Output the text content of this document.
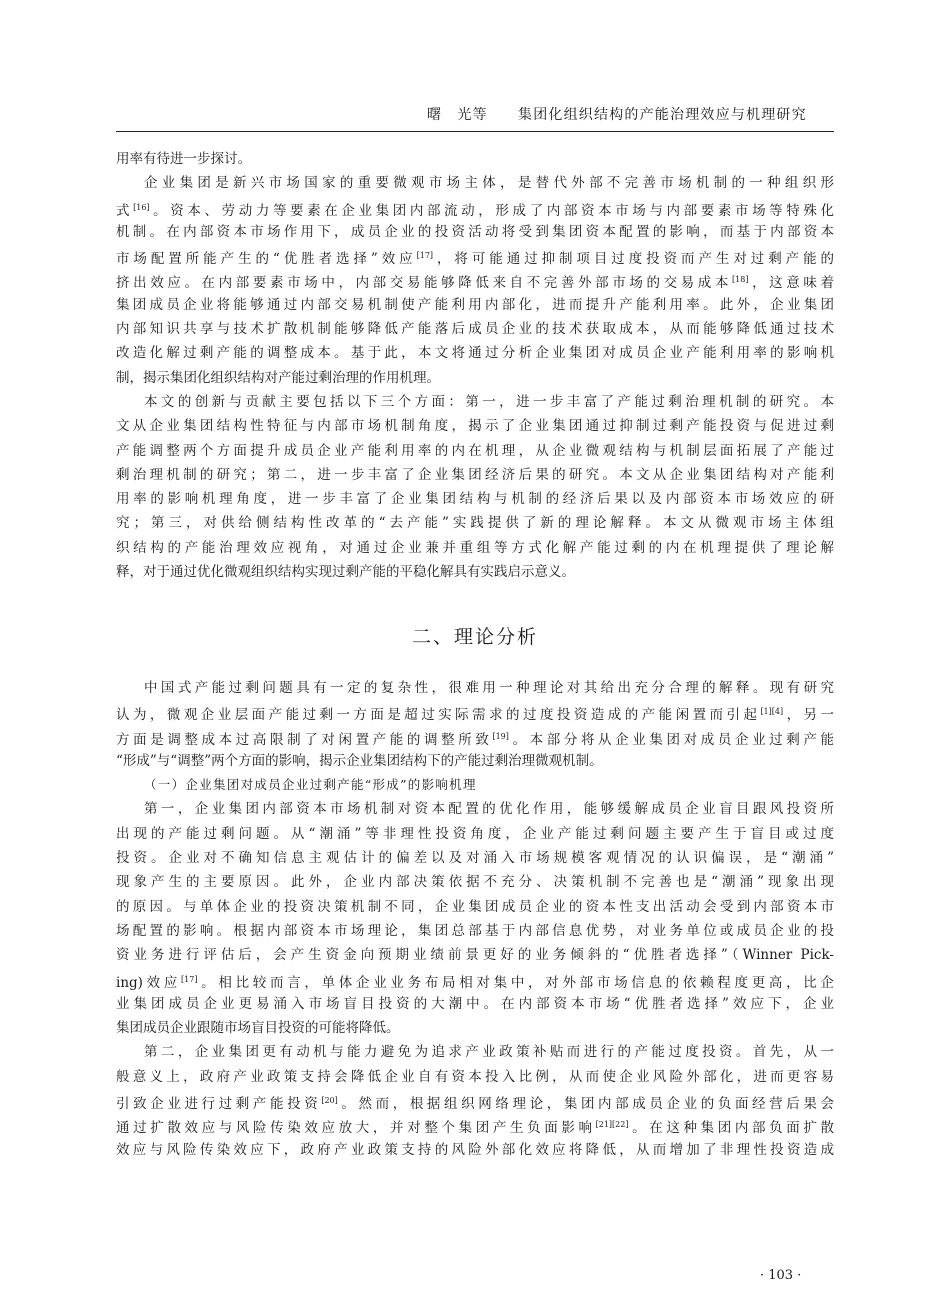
曙　光等 集团化组织结构的产能治理效应与机理研究
用率有待进一步探讨。
企业集团是新兴市场国家的重要微观市场主体，是替代外部不完善市场机制的一种组织形
式[16]。资本、劳动力等要素在企业集团内部流动，形成了内部资本市场与内部要素市场等特殊化
机制。在内部资本市场作用下，成员企业的投资活动将受到集团资本配置的影响，而基于内部资本
市场配置所能产生的“优胜者选择”效应[17]，将可能通过抑制项目过度投资而产生对过剩产能的
挤出效应。在内部要素市场中，内部交易能够降低来自不完善外部市场的交易成本[18]，这意味着
集团成员企业将能够通过内部交易机制使产能利用内部化，进而提升产能利用率。此外，企业集团
内部知识共享与技术扩散机制能够降低产能落后成员企业的技术获取成本，从而能够降低通过技术
改造化解过剩产能的调整成本。基于此，本文将通过分析企业集团对成员企业产能利用率的影响机
制，揭示集团化组织结构对产能过剩治理的作用机理。
本文的创新与贡献主要包括以下三个方面：第一，进一步丰富了产能过剩治理机制的研究。本
文从企业集团结构性特征与内部市场机制角度，揭示了企业集团通过抑制过剩产能投资与促进过剩
产能调整两个方面提升成员企业产能利用率的内在机理，从企业微观结构与机制层面拓展了产能过
剩治理机制的研究；第二，进一步丰富了企业集团经济后果的研究。本文从企业集团结构对产能利
用率的影响机理角度，进一步丰富了企业集团结构与机制的经济后果以及内部资本市场效应的研
究；第三，对供给侧结构性改革的“去产能”实践提供了新的理论解释。本文从微观市场主体组
织结构的产能治理效应视角，对通过企业兼并重组等方式化解产能过剩的内在机理提供了理论解
释，对于通过优化微观组织结构实现过剩产能的平稳化解具有实践启示意义。
二、理论分析
中国式产能过剩问题具有一定的复杂性，很难用一种理论对其给出充分合理的解释。现有研究
认为，微观企业层面产能过剩一方面是超过实际需求的过度投资造成的产能闲置而引起[1][4]，另一
方面是调整成本过高限制了对闲置产能的调整所致[19]。本部分将从企业集团对成员企业过剩产能
“形成”与“调整”两个方面的影响，揭示企业集团结构下的产能过剩治理微观机制。
（一）企业集团对成员企业过剩产能“形成”的影响机理
第一，企业集团内部资本市场机制对资本配置的优化作用，能够缓解成员企业盲目跟风投资所
出现的产能过剩问题。从“潮涌”等非理性投资角度，企业产能过剩问题主要产生于盲目或过度
投资。企业对不确知信息主观估计的偏差以及对涌入市场规模客观情况的认识偏误，是“潮涌”
现象产生的主要原因。此外，企业内部决策依据不充分、决策机制不完善也是“潮涌”现象出现
的原因。与单体企业的投资决策机制不同，企业集团成员企业的资本性支出活动会受到内部资本市
场配置的影响。根据内部资本市场理论，集团总部基于内部信息优势，对业务单位或成员企业的投
资业务进行评估后，会产生资金向预期业绩前景更好的业务倾斜的“优胜者选择”（Winner Pick-
ing)效应[17]。相比较而言，单体企业业务布局相对集中，对外部市场信息的依赖程度更高，比企
业集团成员企业更易涌入市场盲目投资的大潮中。在内部资本市场“优胜者选择”效应下，企业
集团成员企业跟随市场盲目投资的可能将降低。
第二，企业集团更有动机与能力避免为追求产业政策补贴而进行的产能过度投资。首先，从一
般意义上，政府产业政策支持会降低企业自有资本投入比例，从而使企业风险外部化，进而更容易
引致企业进行过剩产能投资[20]。然而，根据组织网络理论，集团内部成员企业的负面经营后果会
通过扩散效应与风险传染效应放大，并对整个集团产生负面影响[21][22]。在这种集团内部负面扩散
效应与风险传染效应下，政府产业政策支持的风险外部化效应将降低，从而增加了非理性投资造成
· 103 ·
